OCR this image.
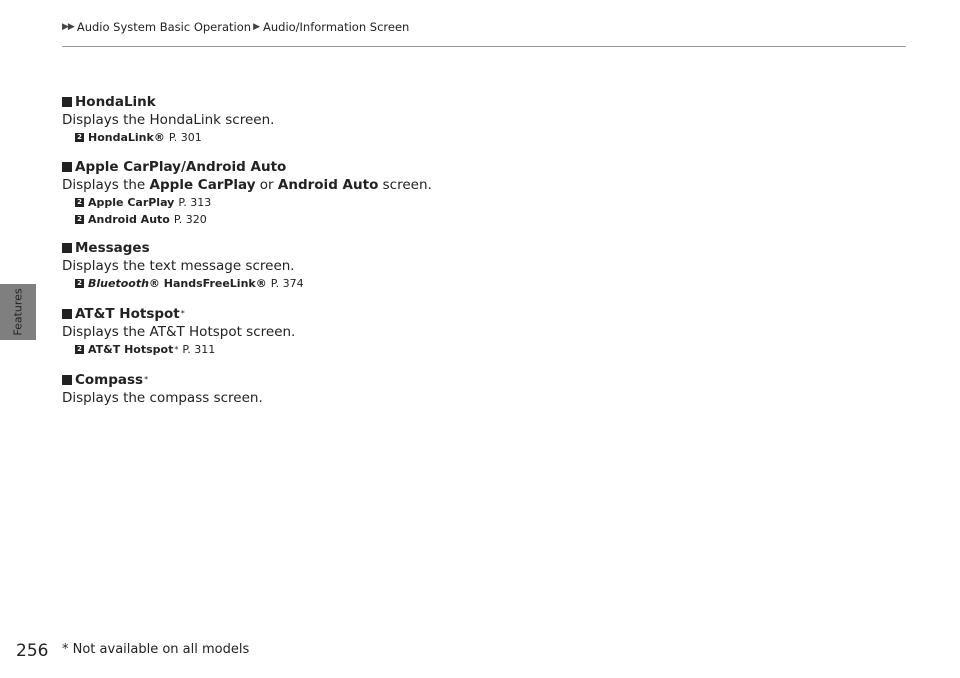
▶▶ Audio System Basic Operation ▶ Audio/Information Screen
Features
HondaLink
Displays the HondaLink screen.
2 HondaLink® P. 301
Apple CarPlay/Android Auto
Displays the Apple CarPlay or Android Auto screen.
2 Apple CarPlay P. 313
2 Android Auto P. 320
Messages
Displays the text message screen.
2 Bluetooth® HandsFreeLink® P. 374
AT&T Hotspot *
Displays the AT&T Hotspot screen.
2 AT&T Hotspot * P. 311
Compass *
Displays the compass screen.
256 * Not available on all models
